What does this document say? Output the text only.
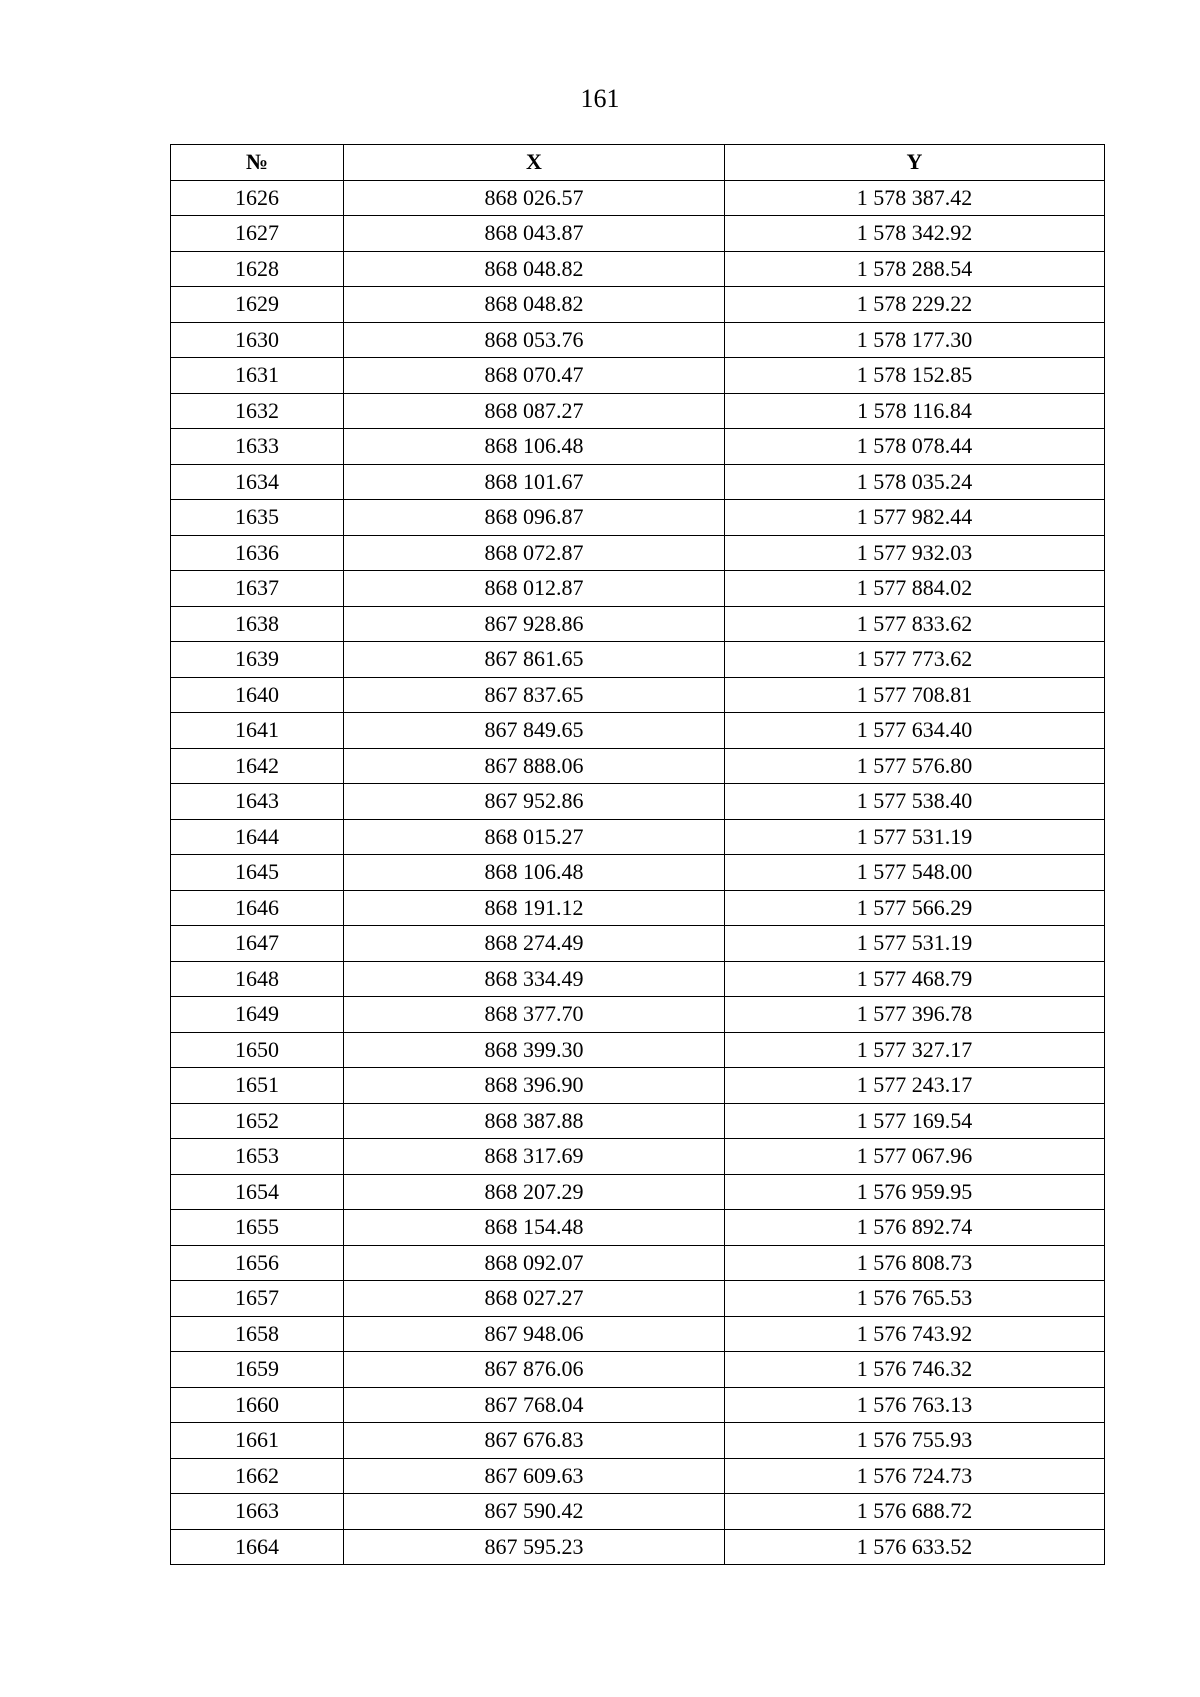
161
№	X	Y
1626	868 026.57	1 578 387.42
1627	868 043.87	1 578 342.92
1628	868 048.82	1 578 288.54
1629	868 048.82	1 578 229.22
1630	868 053.76	1 578 177.30
1631	868 070.47	1 578 152.85
1632	868 087.27	1 578 116.84
1633	868 106.48	1 578 078.44
1634	868 101.67	1 578 035.24
1635	868 096.87	1 577 982.44
1636	868 072.87	1 577 932.03
1637	868 012.87	1 577 884.02
1638	867 928.86	1 577 833.62
1639	867 861.65	1 577 773.62
1640	867 837.65	1 577 708.81
1641	867 849.65	1 577 634.40
1642	867 888.06	1 577 576.80
1643	867 952.86	1 577 538.40
1644	868 015.27	1 577 531.19
1645	868 106.48	1 577 548.00
1646	868 191.12	1 577 566.29
1647	868 274.49	1 577 531.19
1648	868 334.49	1 577 468.79
1649	868 377.70	1 577 396.78
1650	868 399.30	1 577 327.17
1651	868 396.90	1 577 243.17
1652	868 387.88	1 577 169.54
1653	868 317.69	1 577 067.96
1654	868 207.29	1 576 959.95
1655	868 154.48	1 576 892.74
1656	868 092.07	1 576 808.73
1657	868 027.27	1 576 765.53
1658	867 948.06	1 576 743.92
1659	867 876.06	1 576 746.32
1660	867 768.04	1 576 763.13
1661	867 676.83	1 576 755.93
1662	867 609.63	1 576 724.73
1663	867 590.42	1 576 688.72
1664	867 595.23	1 576 633.52
